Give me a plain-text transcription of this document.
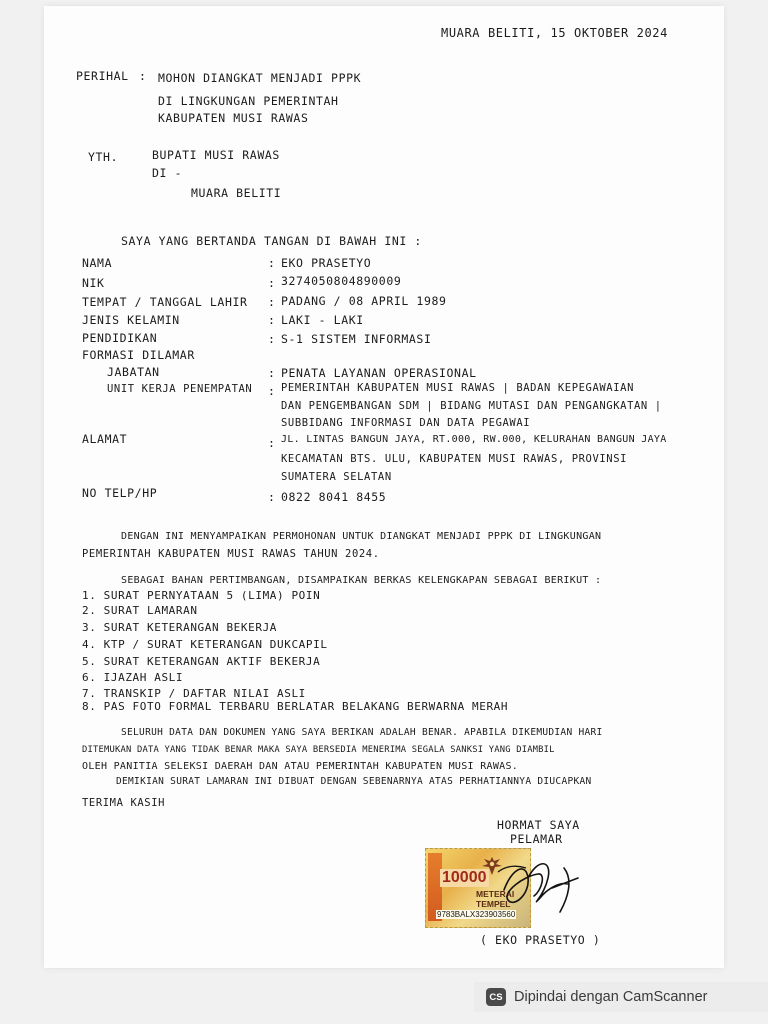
MUARA BELITI, 15 OKTOBER 2024
PERIHAL : MOHON DIANGKAT MENJADI PPPK
DI LINGKUNGAN PEMERINTAH
KABUPATEN MUSI RAWAS
YTH.	BUPATI MUSI RAWAS
DI -
MUARA BELITI
SAYA YANG BERTANDA TANGAN DI BAWAH INI :
NAMA	: EKO PRASETYO
NIK	: 3274050804890009
TEMPAT / TANGGAL LAHIR : PADANG / 08 APRIL 1989
JENIS KELAMIN	: LAKI - LAKI
PENDIDIKAN	: S-1 SISTEM INFORMASI
FORMASI DILAMAR
JABATAN	: PENATA LAYANAN OPERASIONAL
UNIT KERJA PENEMPATAN : PEMERINTAH KABUPATEN MUSI RAWAS | BADAN KEPEGAWAIAN
DAN PENGEMBANGAN SDM | BIDANG MUTASI DAN PENGANGKATAN |
SUBBIDANG INFORMASI DAN DATA PEGAWAI
ALAMAT	: JL. LINTAS BANGUN JAYA, RT.000, RW.000, KELURAHAN BANGUN JAYA
KECAMATAN BTS. ULU, KABUPATEN MUSI RAWAS, PROVINSI
SUMATERA SELATAN
NO TELP/HP	: 0822 8041 8455
DENGAN INI MENYAMPAIKAN PERMOHONAN UNTUK DIANGKAT MENJADI PPPK DI LINGKUNGAN
PEMERINTAH KABUPATEN MUSI RAWAS TAHUN 2024.
SEBAGAI BAHAN PERTIMBANGAN, DISAMPAIKAN BERKAS KELENGKAPAN SEBAGAI BERIKUT :
1. SURAT PERNYATAAN 5 (LIMA) POIN
2. SURAT LAMARAN
3. SURAT KETERANGAN BEKERJA
4. KTP / SURAT KETERANGAN DUKCAPIL
5. SURAT KETERANGAN AKTIF BEKERJA
6. IJAZAH ASLI
7. TRANSKIP / DAFTAR NILAI ASLI
8. PAS FOTO FORMAL TERBARU BERLATAR BELAKANG BERWARNA MERAH
SELURUH DATA DAN DOKUMEN YANG SAYA BERIKAN ADALAH BENAR. APABILA DIKEMUDIAN HARI
DITEMUKAN DATA YANG TIDAK BENAR MAKA SAYA BERSEDIA MENERIMA SEGALA SANKSI YANG DIAMBIL
OLEH PANITIA SELEKSI DAERAH DAN ATAU PEMERINTAH KABUPATEN MUSI RAWAS.
DEMIKIAN SURAT LAMARAN INI DIBUAT DENGAN SEBENARNYA ATAS PERHATIANNYA DIUCAPKAN
TERIMA KASIH
HORMAT SAYA
PELAMAR
10000
METERAI
TEMPEL
9783BALX323903560
( EKO PRASETYO )
CS Dipindai dengan CamScanner
